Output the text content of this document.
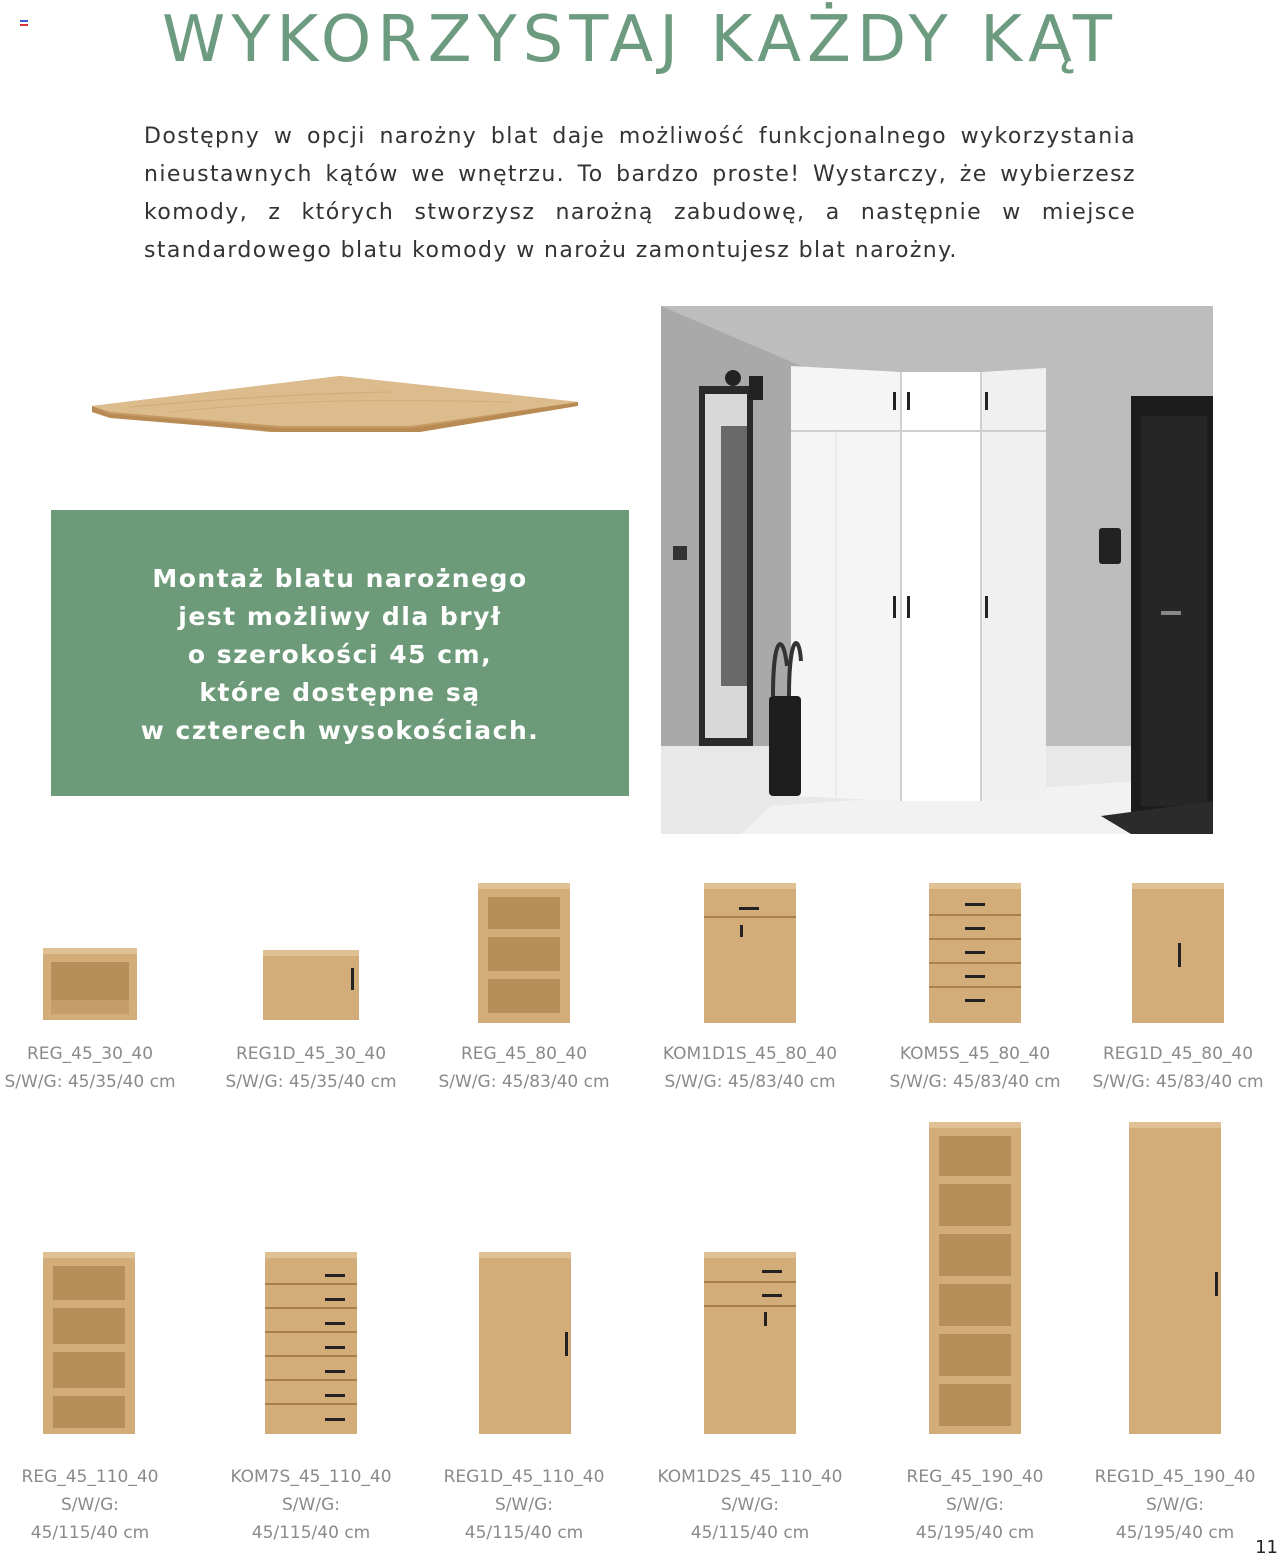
WYKORZYSTAJ KAŻDY KĄT

Dostępny w opcji narożny blat daje możliwość funkcjonalnego wykorzystania nieustawnych kątów we wnętrzu. To bardzo proste! Wystarczy, że wybierzesz komody, z których stworzysz narożną zabudowę, a następnie w miejsce standardowego blatu komody w narożu zamontujesz blat narożny.

Montaż blatu narożnego
jest możliwy dla brył
o szerokości 45 cm,
które dostępne są
w czterech wysokościach.
REG_45_30_40
S/W/G: 45/35/40 cm
REG1D_45_30_40
S/W/G: 45/35/40 cm
REG_45_80_40
S/W/G: 45/83/40 cm
KOM1D1S_45_80_40
S/W/G: 45/83/40 cm
KOM5S_45_80_40
S/W/G: 45/83/40 cm
REG1D_45_80_40
S/W/G: 45/83/40 cm
REG_45_110_40
S/W/G:
45/115/40 cm
KOM7S_45_110_40
S/W/G:
45/115/40 cm
REG1D_45_110_40
S/W/G:
45/115/40 cm
KOM1D2S_45_110_40
S/W/G:
45/115/40 cm
REG_45_190_40
S/W/G:
45/195/40 cm
REG1D_45_190_40
S/W/G:
45/195/40 cm
11
